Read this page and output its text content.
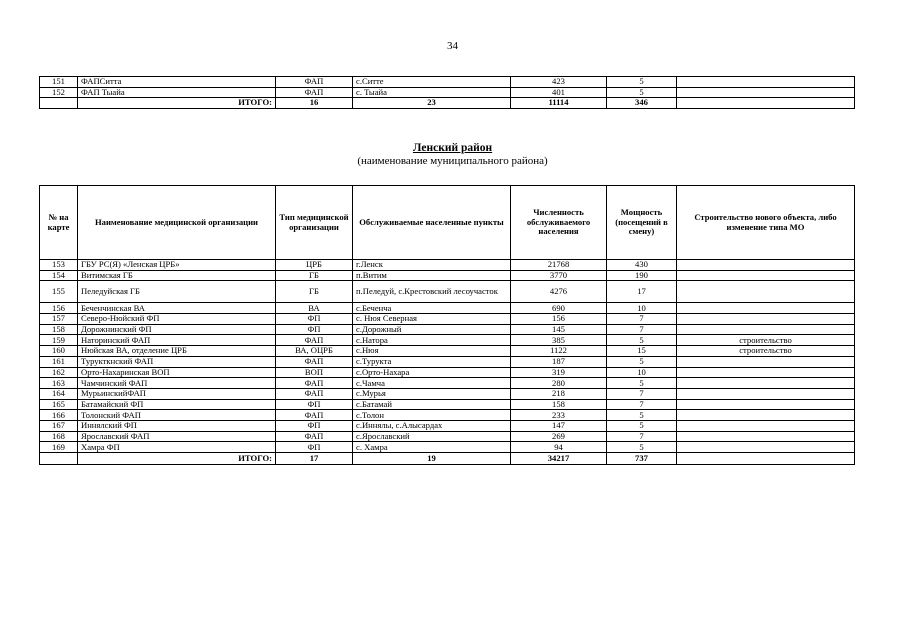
34
151	ФАПСитта	ФАП	с.Ситте	423	5	
152	ФАП Тыайа	ФАП	с. Тыайа	401	5	
	ИТОГО:	16	23	11114	346	
Ленский район
(наименование муниципального района)
№ на карте	Наименование медицинской организации	Тип медицинской организации	Обслуживаемые населенные пункты	Численность обслуживаемого населения	Мощность (посещений в смену)	Строительство нового объекта, либо изменение типа МО
153	ГБУ РС(Я) «Ленская ЦРБ»	ЦРБ	г.Ленск	21768	430	
154	Витимская ГБ	ГБ	п.Витим	3770	190	
155	Пеледуйская ГБ	ГБ	п.Пеледуй, с.Крестовский лесоучасток	4276	17	
156	Беченчинская ВА	ВА	с.Беченча	690	10	
157	Северо-Нюйский ФП	ФП	с. Нюя Северная	156	7	
158	Дорожнинский ФП	ФП	с.Дорожный	145	7	
159	Наторинский ФАП	ФАП	с.Натора	385	5	строительство
160	Нюйская ВА, отделение ЦРБ	ВА, ОЦРБ	с.Нюя	1122	15	строительство
161	Турукткнский ФАП	ФАП	с.Турукта	187	5	
162	Орто-Нахаринская ВОП	ВОП	с.Орто-Нахара	319	10	
163	Чамчинский ФАП	ФАП	с.Чамча	280	5	
164	МурьинскийФАП	ФАП	с.Мурья	218	7	
165	Батамайский ФП	ФП	с.Батамай	158	7	
166	Толонский ФАП	ФАП	с.Толон	233	5	
167	Иннялский ФП	ФП	с.Иннялы, с.Алысардах	147	5	
168	Ярославский ФАП	ФАП	с.Ярославский	269	7	
169	Хамра ФП	ФП	с. Хамра	94	5	
	ИТОГО:	17	19	34217	737	
